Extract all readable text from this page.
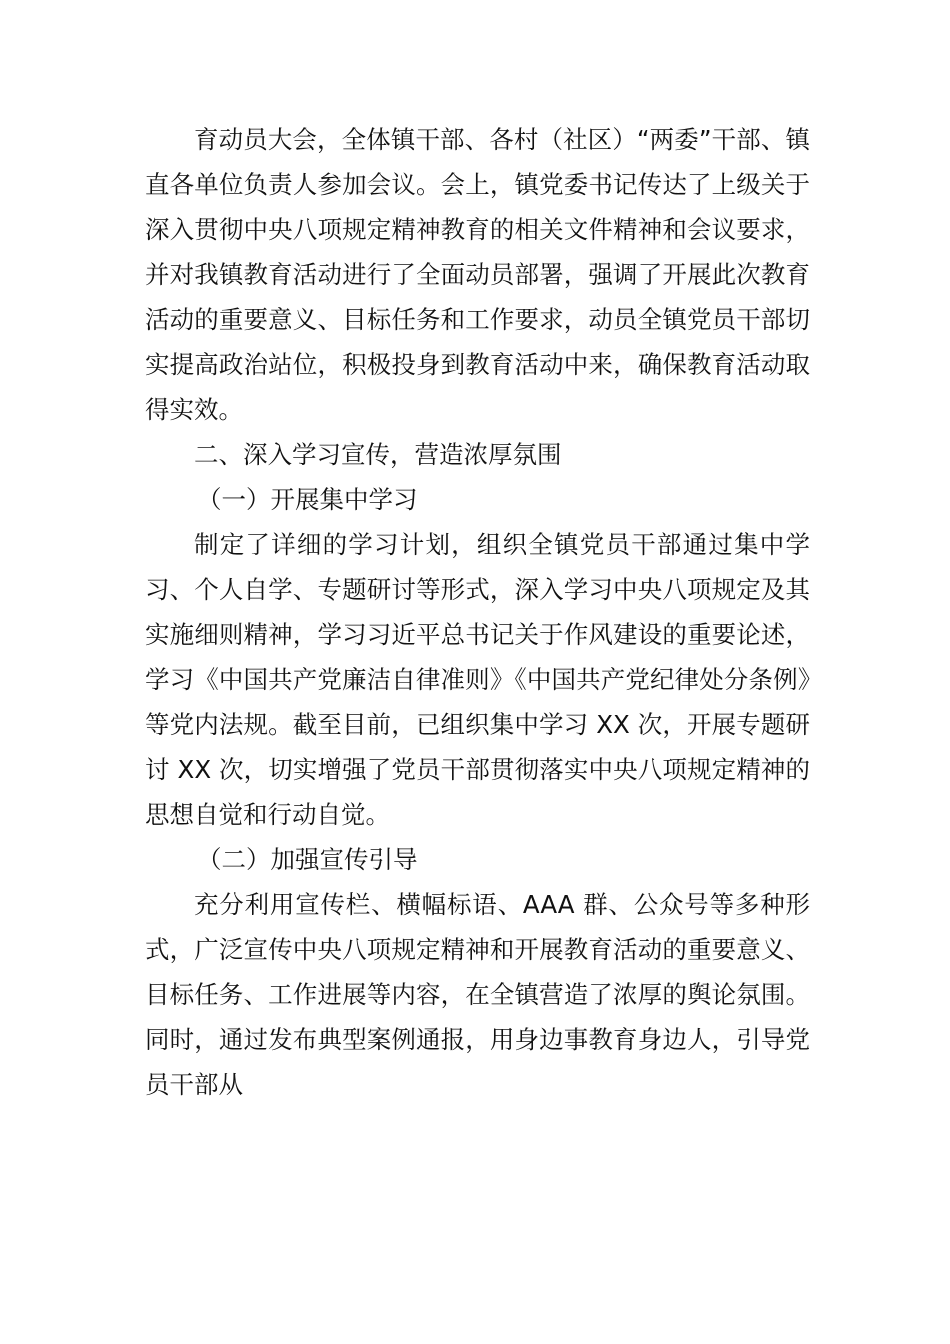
育动员大会，全体镇干部、各村（社区）“两委”干部、镇直各单位负责人参加会议。会上，镇党委书记传达了上级关于深入贯彻中央八项规定精神教育的相关文件精神和会议要求，并对我镇教育活动进行了全面动员部署，强调了开展此次教育活动的重要意义、目标任务和工作要求，动员全镇党员干部切实提高政治站位，积极投身到教育活动中来，确保教育活动取得实效。

二、深入学习宣传，营造浓厚氛围

（一）开展集中学习

制定了详细的学习计划，组织全镇党员干部通过集中学习、个人自学、专题研讨等形式，深入学习中央八项规定及其实施细则精神，学习习近平总书记关于作风建设的重要论述，学习《中国共产党廉洁自律准则》《中国共产党纪律处分条例》等党内法规。截至目前，已组织集中学习 XX 次，开展专题研讨 XX 次，切实增强了党员干部贯彻落实中央八项规定精神的思想自觉和行动自觉。

（二）加强宣传引导

充分利用宣传栏、横幅标语、AAA 群、公众号等多种形式，广泛宣传中央八项规定精神和开展教育活动的重要意义、目标任务、工作进展等内容，在全镇营造了浓厚的舆论氛围。同时，通过发布典型案例通报，用身边事教育身边人，引导党员干部从
